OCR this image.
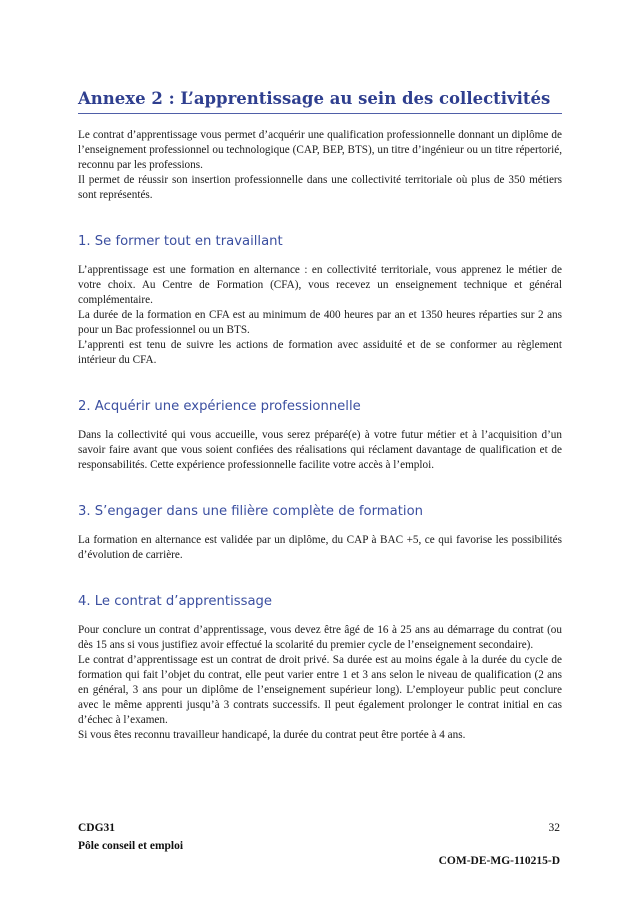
Annexe 2 : L’apprentissage au sein des collectivités

Le contrat d’apprentissage vous permet d’acquérir une qualification professionnelle donnant un diplôme de l’enseignement professionnel ou technologique (CAP, BEP, BTS), un titre d’ingénieur ou un titre répertorié, reconnu par les professions.

Il permet de réussir son insertion professionnelle dans une collectivité territoriale où plus de 350 métiers sont représentés.

1. Se former tout en travaillant

L’apprentissage est une formation en alternance : en collectivité territoriale, vous apprenez le métier de votre choix. Au Centre de Formation (CFA), vous recevez un enseignement technique et général complémentaire.

La durée de la formation en CFA est au minimum de 400 heures par an et 1350 heures réparties sur 2 ans pour un Bac professionnel ou un BTS.

L’apprenti est tenu de suivre les actions de formation avec assiduité et de se conformer au règlement intérieur du CFA.

2. Acquérir une expérience professionnelle

Dans la collectivité qui vous accueille, vous serez préparé(e) à votre futur métier et à l’acquisition d’un savoir faire avant que vous soient confiées des réalisations qui réclament davantage de qualification et de responsabilités. Cette expérience professionnelle facilite votre accès à l’emploi.

3. S’engager dans une filière complète de formation

La formation en alternance est validée par un diplôme, du CAP à BAC +5, ce qui favorise les possibilités d’évolution de carrière.

4. Le contrat d’apprentissage

Pour conclure un contrat d’apprentissage, vous devez être âgé de 16 à 25 ans au démarrage du contrat (ou dès 15 ans si vous justifiez avoir effectué la scolarité du premier cycle de l’enseignement secondaire).

Le contrat d’apprentissage est un contrat de droit privé. Sa durée est au moins égale à la durée du cycle de formation qui fait l’objet du contrat, elle peut varier entre 1 et 3 ans selon le niveau de qualification (2 ans en général, 3 ans pour un diplôme de l’enseignement supérieur long). L’employeur public peut conclure avec le même apprenti jusqu’à 3 contrats successifs. Il peut également prolonger le contrat initial en cas d’échec à l’examen.

Si vous êtes reconnu travailleur handicapé, la durée du contrat peut être portée à 4 ans.

CDG31
Pôle conseil et emploi
32
COM-DE-MG-110215-D
